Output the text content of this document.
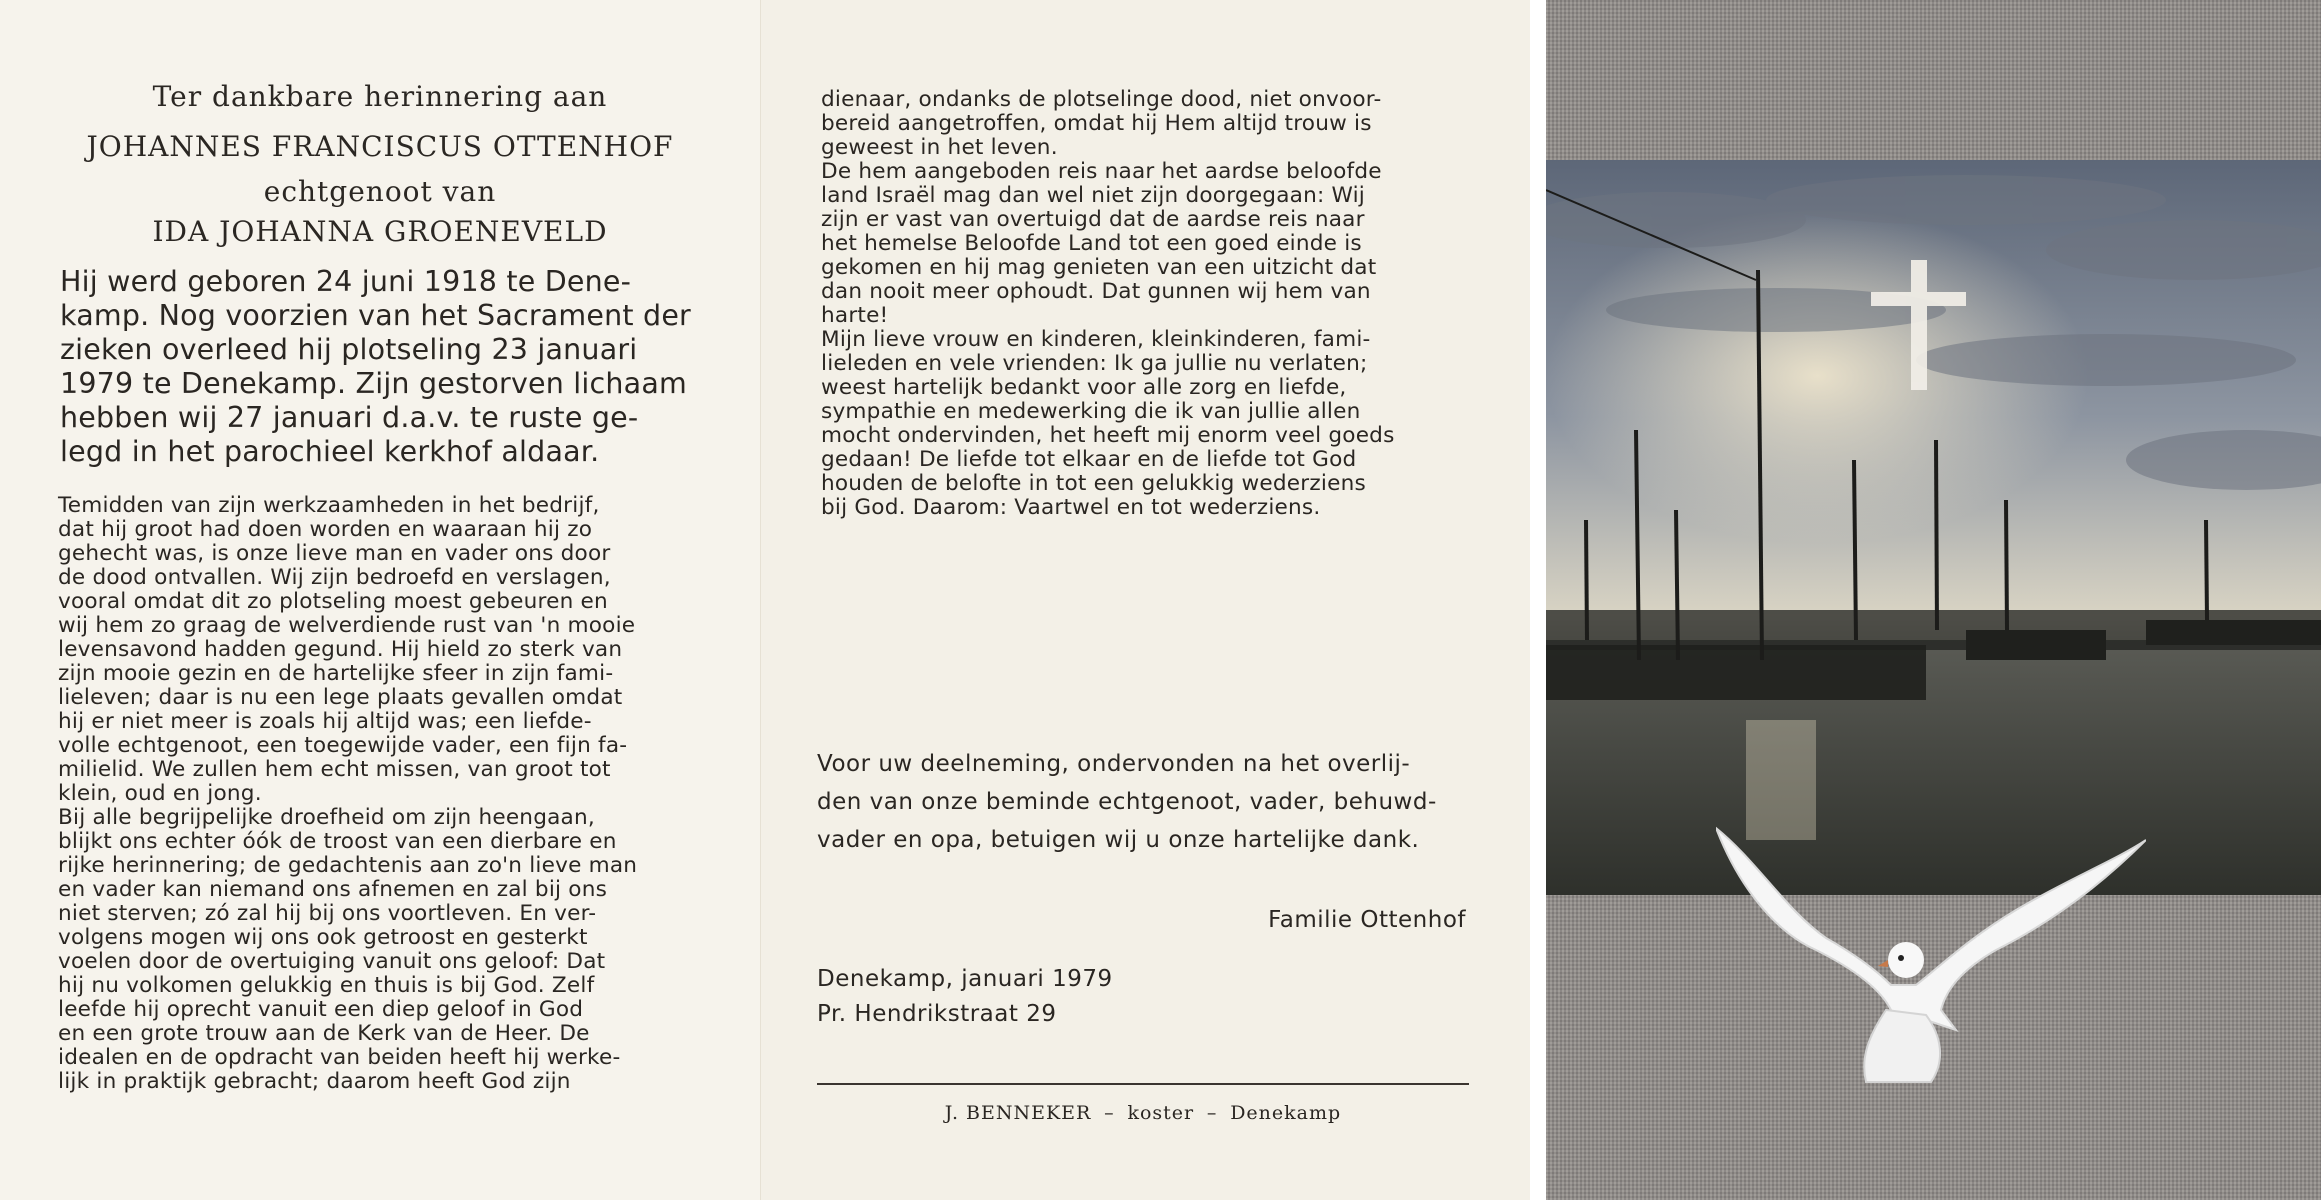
Ter dankbare herinnering aan

JOHANNES FRANCISCUS OTTENHOF

echtgenoot van

IDA JOHANNA GROENEVELD

Hij werd geboren 24 juni 1918 te Dene-

kamp. Nog voorzien van het Sacrament der

zieken overleed hij plotseling 23 januari

1979 te Denekamp. Zijn gestorven lichaam

hebben wij 27 januari d.a.v. te ruste ge-

legd in het parochieel kerkhof aldaar.

Temidden van zijn werkzaamheden in het bedrijf,

dat hij groot had doen worden en waaraan hij zo

gehecht was, is onze lieve man en vader ons door

de dood ontvallen. Wij zijn bedroefd en verslagen,

vooral omdat dit zo plotseling moest gebeuren en

wij hem zo graag de welverdiende rust van 'n mooie

levensavond hadden gegund. Hij hield zo sterk van

zijn mooie gezin en de hartelijke sfeer in zijn fami-

lieleven; daar is nu een lege plaats gevallen omdat

hij er niet meer is zoals hij altijd was; een liefde-

volle echtgenoot, een toegewijde vader, een fijn fa-

milielid. We zullen hem echt missen, van groot tot

klein, oud en jong.

Bij alle begrijpelijke droefheid om zijn heengaan,

blijkt ons echter óók de troost van een dierbare en

rijke herinnering; de gedachtenis aan zo'n lieve man

en vader kan niemand ons afnemen en zal bij ons

niet sterven; zó zal hij bij ons voortleven. En ver-

volgens mogen wij ons ook getroost en gesterkt

voelen door de overtuiging vanuit ons geloof: Dat

hij nu volkomen gelukkig en thuis is bij God. Zelf

leefde hij oprecht vanuit een diep geloof in God

en een grote trouw aan de Kerk van de Heer. De

idealen en de opdracht van beiden heeft hij werke-

lijk in praktijk gebracht; daarom heeft God zijn

dienaar, ondanks de plotselinge dood, niet onvoor-

bereid aangetroffen, omdat hij Hem altijd trouw is

geweest in het leven.

De hem aangeboden reis naar het aardse beloofde

land Israël mag dan wel niet zijn doorgegaan: Wij

zijn er vast van overtuigd dat de aardse reis naar

het hemelse Beloofde Land tot een goed einde is

gekomen en hij mag genieten van een uitzicht dat

dan nooit meer ophoudt. Dat gunnen wij hem van

harte!

Mijn lieve vrouw en kinderen, kleinkinderen, fami-

lieleden en vele vrienden: Ik ga jullie nu verlaten;

weest hartelijk bedankt voor alle zorg en liefde,

sympathie en medewerking die ik van jullie allen

mocht ondervinden, het heeft mij enorm veel goeds

gedaan! De liefde tot elkaar en de liefde tot God

houden de belofte in tot een gelukkig wederziens

bij God. Daarom: Vaartwel en tot wederziens.

Voor uw deelneming, ondervonden na het overlij-

den van onze beminde echtgenoot, vader, behuwd-

vader en opa, betuigen wij u onze hartelijke dank.

Familie Ottenhof

Denekamp, januari 1979

Pr. Hendrikstraat 29

J. BENNEKER – koster – Denekamp
